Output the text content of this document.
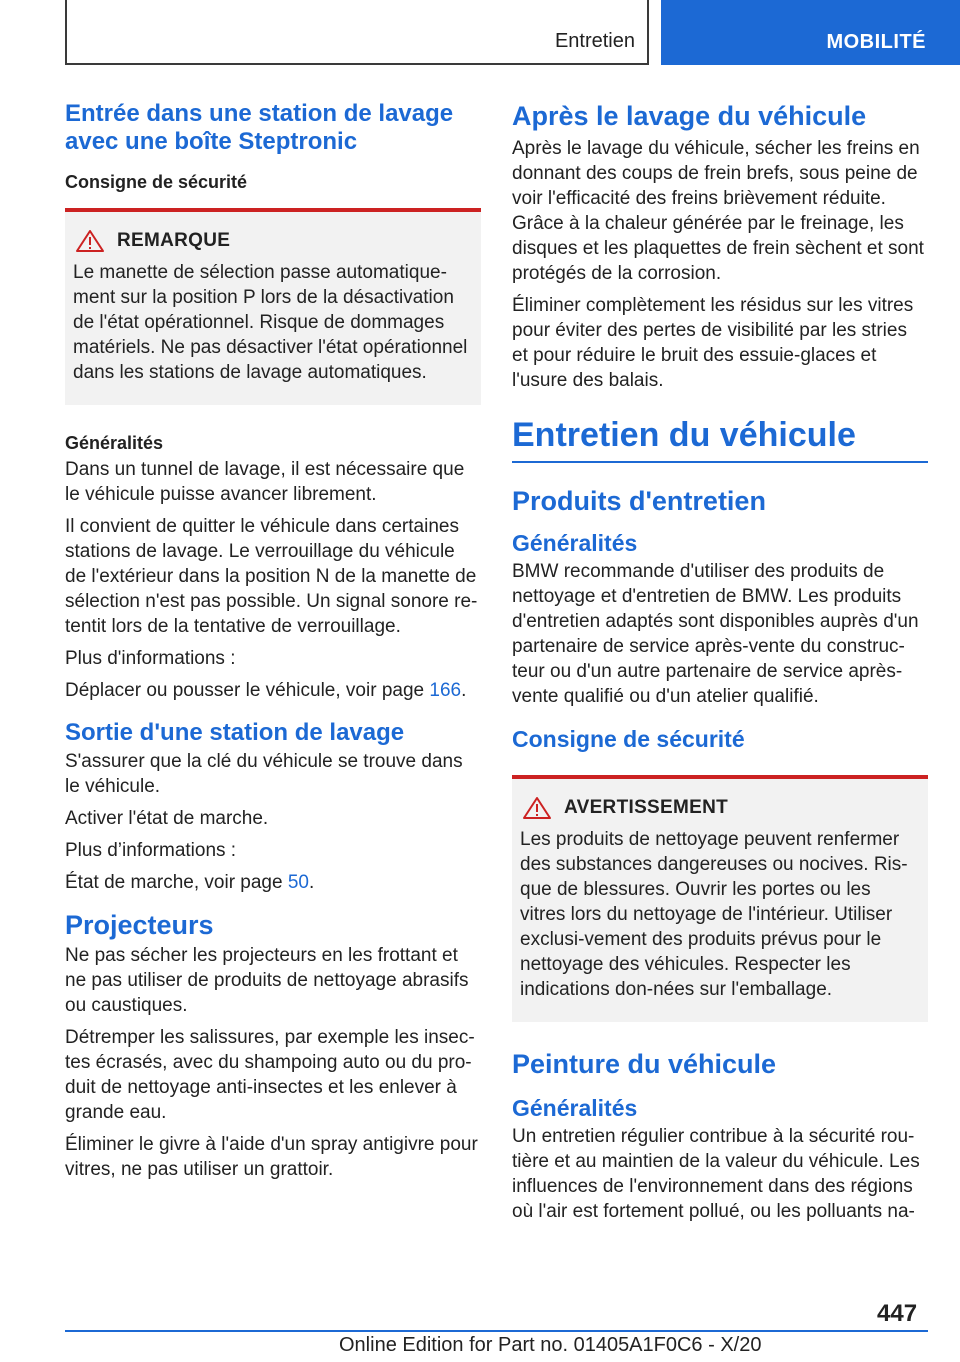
Entretien	MOBILITÉ
Entrée dans une station de lavage avec une boîte Steptronic
Consigne de sécurité
REMARQUE

Le manette de sélection passe automatique-ment sur la position P lors de la désactivation de l'état opérationnel. Risque de dommages matériels. Ne pas désactiver l'état opérationnel dans les stations de lavage automatiques.

Généralités

Dans un tunnel de lavage, il est nécessaire que le véhicule puisse avancer librement.

Il convient de quitter le véhicule dans certaines stations de lavage. Le verrouillage du véhicule de l'extérieur dans la position N de la manette de sélection n'est pas possible. Un signal sonore re-tentit lors de la tentative de verrouillage.

Plus d'informations :

Déplacer ou pousser le véhicule, voir page 166.

Sortie d'une station de lavage

S'assurer que la clé du véhicule se trouve dans le véhicule.

Activer l'état de marche.

Plus d’informations :

État de marche, voir page 50.

Projecteurs

Ne pas sécher les projecteurs en les frottant et ne pas utiliser de produits de nettoyage abrasifs ou caustiques.

Détremper les salissures, par exemple les insec-tes écrasés, avec du shampoing auto ou du pro-duit de nettoyage anti-insectes et les enlever à grande eau.

Éliminer le givre à l'aide d'un spray antigivre pour vitres, ne pas utiliser un grattoir.

Après le lavage du véhicule

Après le lavage du véhicule, sécher les freins en donnant des coups de frein brefs, sous peine de voir l'efficacité des freins brièvement réduite. Grâce à la chaleur générée par le freinage, les disques et les plaquettes de frein sèchent et sont protégés de la corrosion.

Éliminer complètement les résidus sur les vitres pour éviter des pertes de visibilité par les stries et pour réduire le bruit des essuie-glaces et l'usure des balais.

Entretien du véhicule
Produits d'entretien
Généralités

BMW recommande d'utiliser des produits de nettoyage et d'entretien de BMW. Les produits d'entretien adaptés sont disponibles auprès d'un partenaire de service après-vente du construc-teur ou d'un autre partenaire de service après-vente qualifié ou d'un atelier qualifié.

Consigne de sécurité
AVERTISSEMENT

Les produits de nettoyage peuvent renfermer des substances dangereuses ou nocives. Ris-que de blessures. Ouvrir les portes ou les vitres lors du nettoyage de l'intérieur. Utiliser exclusi-vement des produits prévus pour le nettoyage des véhicules. Respecter les indications don-nées sur l'emballage.

Peinture du véhicule
Généralités

Un entretien régulier contribue à la sécurité rou-tière et au maintien de la valeur du véhicule. Les influences de l'environnement dans des régions où l'air est fortement pollué, ou les polluants na-

447
Online Edition for Part no. 01405A1F0C6 - X/20
